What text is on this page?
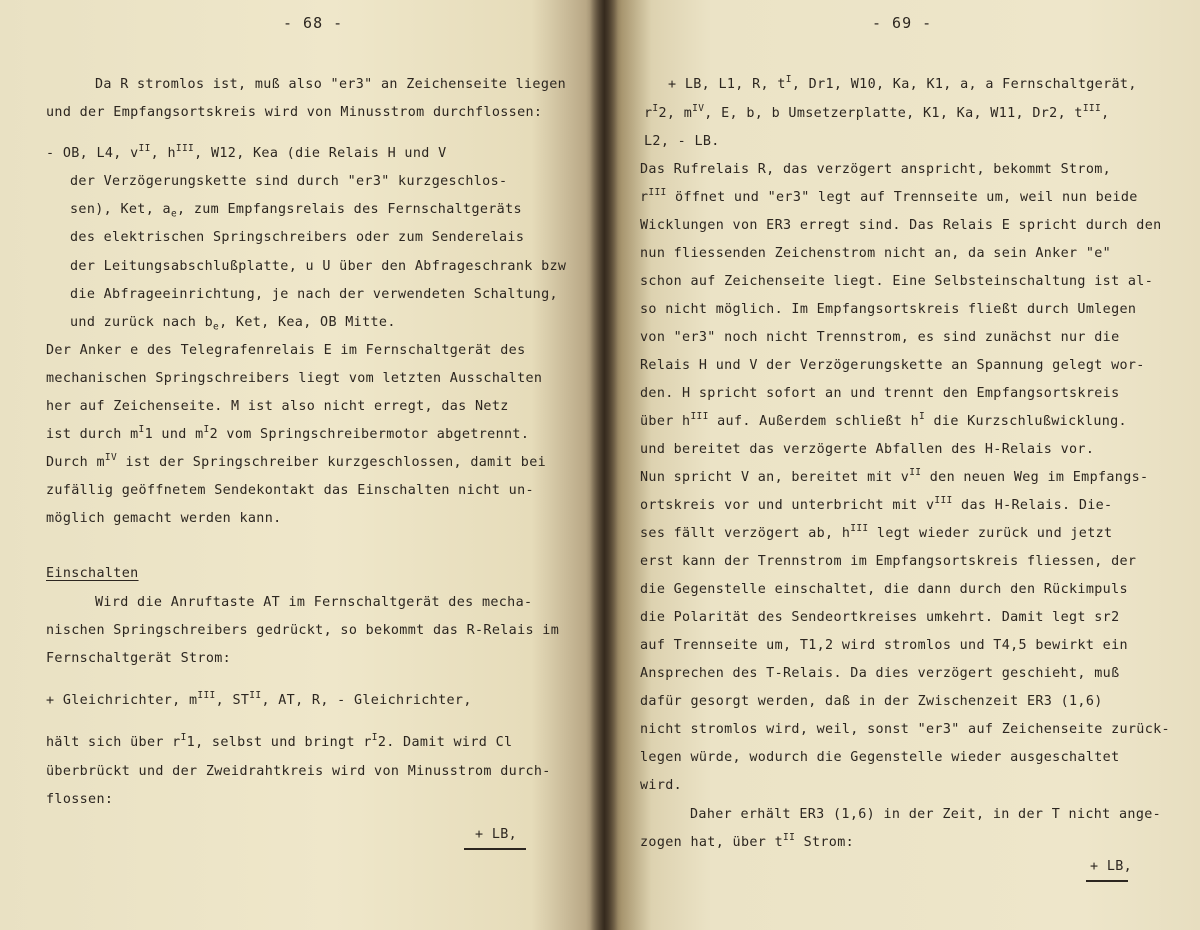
- 68 -
Da R stromlos ist, muß also "er3" an Zeichenseite liegen
und der Empfangsortskreis wird von Minusstrom durchflossen:
- OB, L4, $v^{II}$, $h^{III}$, W12, Kea (die Relais H und V
der Verzögerungskette sind durch "er3" kurzgeschlos-
sen), Ket, $a_e$, zum Empfangsrelais des Fernschaltgeräts
des elektrischen Springschreibers oder zum Senderelais
der Leitungsabschlußplatte, u U über den Abfrageschrank bzw
die Abfrageeinrichtung, je nach der verwendeten Schaltung,
und zurück nach $b_e$, Ket, Kea, OB Mitte.
Der Anker e des Telegrafenrelais E im Fernschaltgerät des
mechanischen Springschreibers liegt vom letzten Ausschalten
her auf Zeichenseite. M ist also nicht erregt, das Netz
ist durch $m^I1$ und $m^I2$ vom Springschreibermotor abgetrennt.
Durch $m^{IV}$ ist der Springschreiber kurzgeschlossen, damit bei
zufällig geöffnetem Sendekontakt das Einschalten nicht un-
möglich gemacht werden kann.
Einschalten
Wird die Anruftaste AT im Fernschaltgerät des mecha-
nischen Springschreibers gedrückt, so bekommt das R-Relais im
Fernschaltgerät Strom:
+ Gleichrichter, $m^{III}$, $ST^{II}$, AT, R, - Gleichrichter,
hält sich über $r^I1$, selbst und bringt $r^I2$. Damit wird Cl
überbrückt und der Zweidrahtkreis wird von Minusstrom durch-
flossen:
+ LB,
- 69 -
+ LB, L1, R, $t^I$, Dr1, W10, Ka, K1, a, a Fernschaltgerät,
$r^I2$, $m^{IV}$, E, b, b Umsetzerplatte, K1, Ka, W11, Dr2, $t^{III}$,
L2, - LB.
Das Rufrelais R, das verzögert anspricht, bekommt Strom,
$r^{III}$ öffnet und "er3" legt auf Trennseite um, weil nun beide
Wicklungen von ER3 erregt sind. Das Relais E spricht durch den
nun fliessenden Zeichenstrom nicht an, da sein Anker "e"
schon auf Zeichenseite liegt. Eine Selbsteinschaltung ist al-
so nicht möglich. Im Empfangsortskreis fließt durch Umlegen
von "er3" noch nicht Trennstrom, es sind zunächst nur die
Relais H und V der Verzögerungskette an Spannung gelegt wor-
den. H spricht sofort an und trennt den Empfangsortskreis
über $h^{III}$ auf. Außerdem schließt $h^I$ die Kurzschlußwicklung.
und bereitet das verzögerte Abfallen des H-Relais vor.
Nun spricht V an, bereitet mit $v^{II}$ den neuen Weg im Empfangs-
ortskreis vor und unterbricht mit $v^{III}$ das H-Relais. Die-
ses fällt verzögert ab, $h^{III}$ legt wieder zurück und jetzt
erst kann der Trennstrom im Empfangsortskreis fliessen, der
die Gegenstelle einschaltet, die dann durch den Rückimpuls
die Polarität des Sendeortkreises umkehrt. Damit legt sr2
auf Trennseite um, T1,2 wird stromlos und T4,5 bewirkt ein
Ansprechen des T-Relais. Da dies verzögert geschieht, muß
dafür gesorgt werden, daß in der Zwischenzeit ER3 (1,6)
nicht stromlos wird, weil, sonst "er3" auf Zeichenseite zurück-
legen würde, wodurch die Gegenstelle wieder ausgeschaltet
wird.
Daher erhält ER3 (1,6) in der Zeit, in der T nicht ange-
zogen hat, über $t^{II}$ Strom:
+ LB,
